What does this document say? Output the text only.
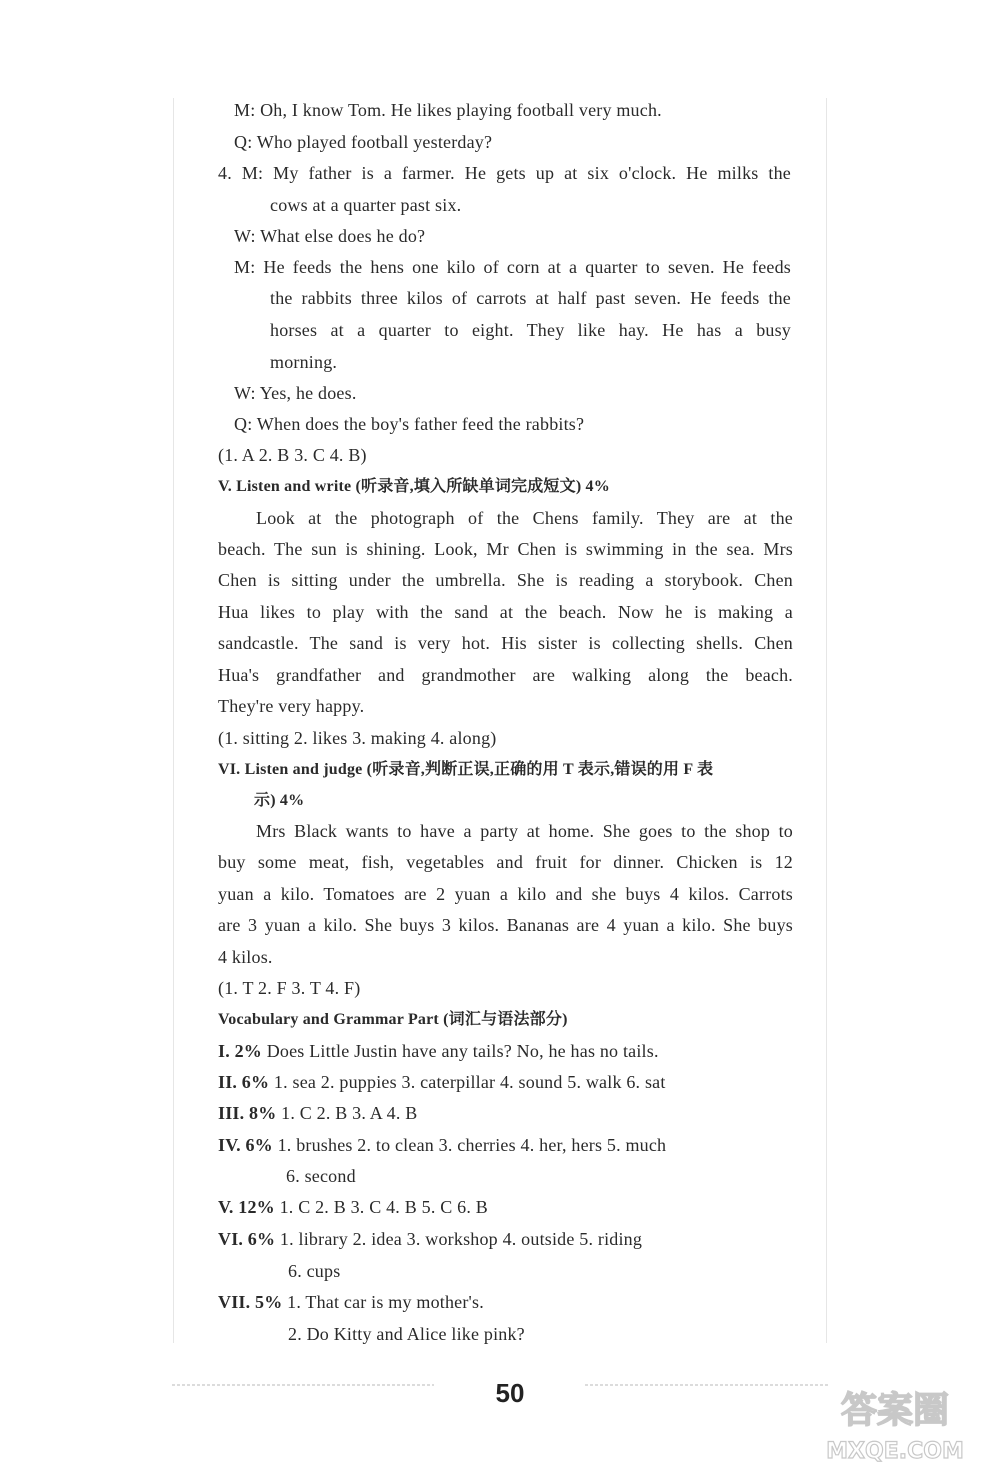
M: Oh, I know Tom. He likes playing football very much.
Q: Who played football yesterday?
4. M: My father is a farmer. He gets up at six o'clock. He milks the
cows at a quarter past six.
W: What else does he do?
M: He feeds the hens one kilo of corn at a quarter to seven. He feeds
the rabbits three kilos of carrots at half past seven. He feeds the
horses at a quarter to eight. They like hay. He has a busy
morning.
W: Yes, he does.
Q: When does the boy's father feed the rabbits?
(1. A 2. B 3. C 4. B)
V. Listen and write (听录音,填入所缺单词完成短文) 4%
Look at the photograph of the Chens family. They are at the
beach. The sun is shining. Look, Mr Chen is swimming in the sea. Mrs
Chen is sitting under the umbrella. She is reading a storybook. Chen
Hua likes to play with the sand at the beach. Now he is making a
sandcastle. The sand is very hot. His sister is collecting shells. Chen
Hua's grandfather and grandmother are walking along the beach.
They're very happy.
(1. sitting 2. likes 3. making 4. along)
VI. Listen and judge (听录音,判断正误,正确的用 T 表示,错误的用 F 表
示) 4%
Mrs Black wants to have a party at home. She goes to the shop to
buy some meat, fish, vegetables and fruit for dinner. Chicken is 12
yuan a kilo. Tomatoes are 2 yuan a kilo and she buys 4 kilos. Carrots
are 3 yuan a kilo. She buys 3 kilos. Bananas are 4 yuan a kilo. She buys
4 kilos.
(1. T 2. F 3. T 4. F)
Vocabulary and Grammar Part (词汇与语法部分)
I. 2% Does Little Justin have any tails? No, he has no tails.
II. 6% 1. sea 2. puppies 3. caterpillar 4. sound 5. walk 6. sat
III. 8% 1. C 2. B 3. A 4. B
IV. 6% 1. brushes 2. to clean 3. cherries 4. her, hers 5. much
6. second
V. 12% 1. C 2. B 3. C 4. B 5. C 6. B
VI. 6% 1. library 2. idea 3. workshop 4. outside 5. riding
6. cups
VII. 5% 1. That car is my mother's.
2. Do Kitty and Alice like pink?
50	答案圈
MXQE.COM
